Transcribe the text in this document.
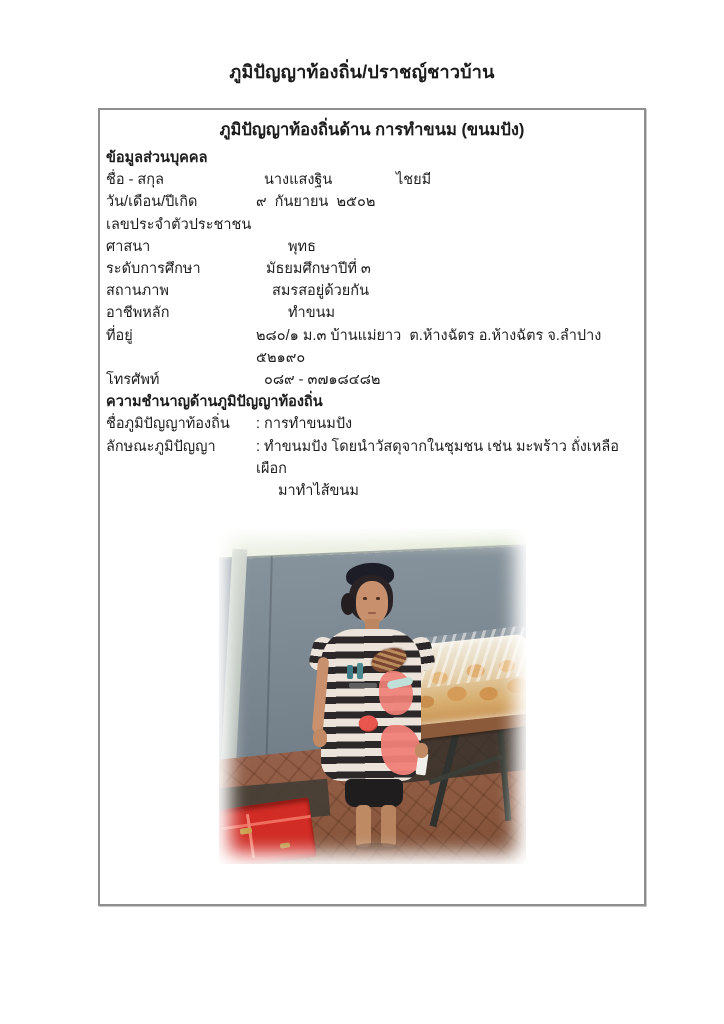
ภูมิปัญญาท้องถิ่น/ปราชญ์ชาวบ้าน
ภูมิปัญญาท้องถิ่นด้าน การทำขนม (ขนมปัง)
ข้อมูลส่วนบุคคล
ชื่อ - สกุล	นางแสงฐิน	ไชยมี
วัน/เดือน/ปีเกิด	๙  กันยายน  ๒๕๐๒
เลขประจำตัวประชาชน
ศาสนา	พุทธ
ระดับการศึกษา	มัธยมศึกษาปีที่ ๓
สถานภาพ	สมรสอยู่ด้วยกัน
อาชีพหลัก	ทำขนม
ที่อยู่	๒๘๐/๑ ม.๓ บ้านแม่ยาว  ต.ห้างฉัตร อ.ห้างฉัตร จ.ลำปาง  ๕๒๑๙๐
โทรศัพท์	๐๘๙ - ๓๗๑๘๔๘๒
ความชำนาญด้านภูมิปัญญาท้องถิ่น
ชื่อภูมิปัญญาท้องถิ่น	: การทำขนมปัง
ลักษณะภูมิปัญญา	: ทำขนมปัง โดยนำวัสดุจากในชุมชน เช่น มะพร้าว ถั่งเหลือ เผือก
มาทำไส้ขนม
